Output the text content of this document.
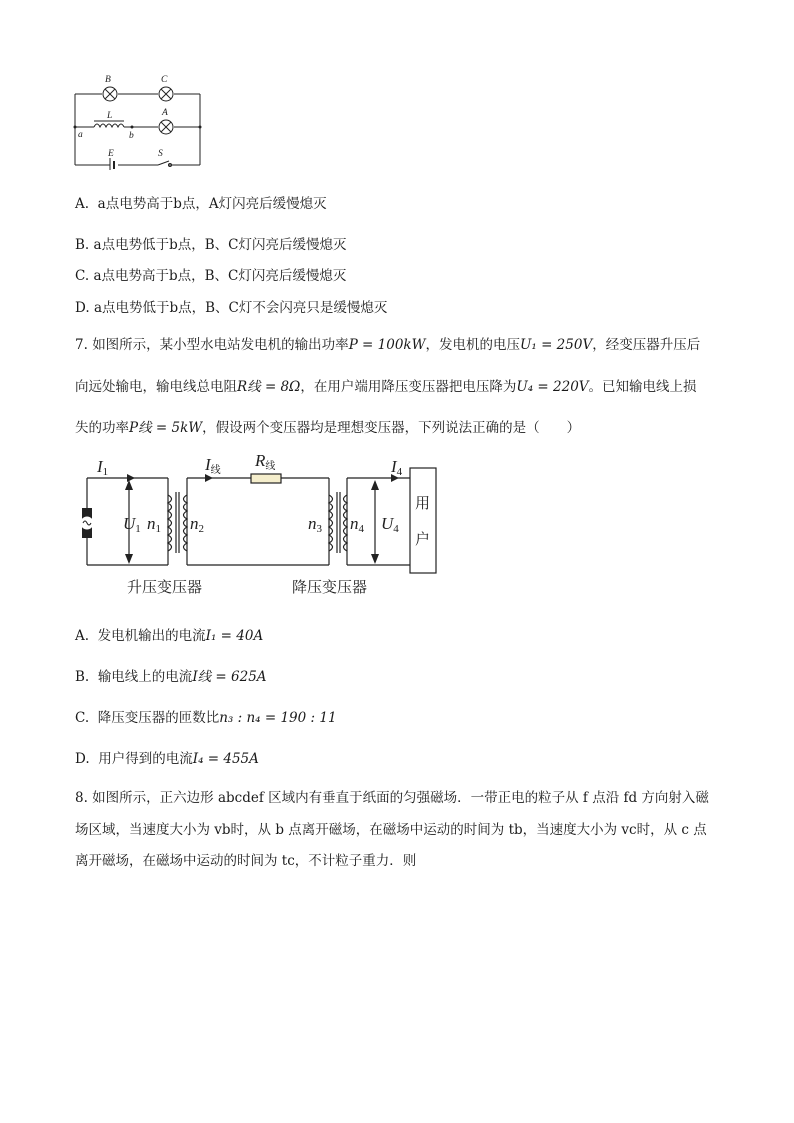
B	C
L	A
a	b
E	S
A. a点电势高于b点，A灯闪亮后缓慢熄灭
B. a点电势低于b点，B、C灯闪亮后缓慢熄灭
C. a点电势高于b点，B、C灯闪亮后缓慢熄灭
D. a点电势低于b点，B、C灯不会闪亮只是缓慢熄灭
7. 如图所示，某小型水电站发电机的输出功率P = 100kW，发电机的电压U₁ = 250V，经变压器升压后
向远处输电，输电线总电阻R线 = 8Ω，在用户端用降压变压器把电压降为U₄ = 220V。已知输电线上损
失的功率P线 = 5kW，假设两个变压器均是理想变压器，下列说法正确的是（　　）
I1	I线
R线	I4
U1 n1 n2	n3 n4 U4
用
户
升压变压器	降压变压器
A. 发电机输出的电流I₁ = 40A
B. 输电线上的电流I线 = 625A
C. 降压变压器的匝数比n₃ : n₄ = 190 : 11
D. 用户得到的电流I₄ = 455A
8. 如图所示，正六边形 abcdef 区域内有垂直于纸面的匀强磁场．一带正电的粒子从 f 点沿 fd 方向射入磁
场区域，当速度大小为 vb时，从 b 点离开磁场，在磁场中运动的时间为 tb，当速度大小为 vc时，从 c 点
离开磁场，在磁场中运动的时间为 tc，不计粒子重力．则
